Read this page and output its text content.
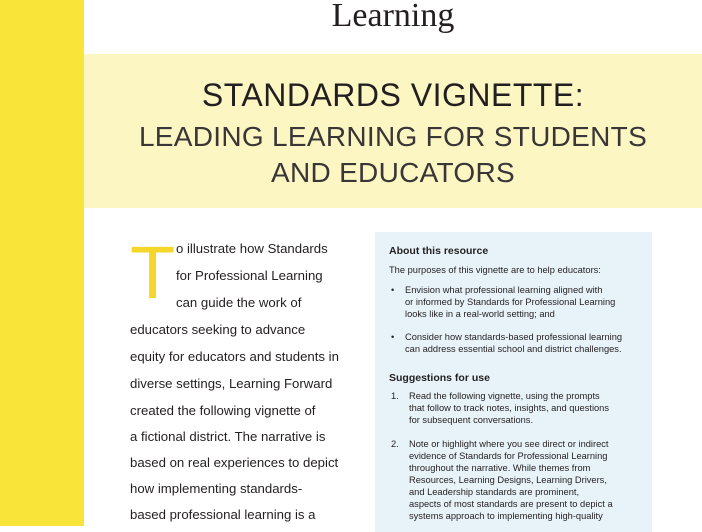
Learning
STANDARDS VIGNETTE:
LEADING LEARNING FOR STUDENTS
AND EDUCATORS
T o illustrate how Standards
for Professional Learning
can guide the work of
educators seeking to advance
equity for educators and students in
diverse settings, Learning Forward
created the following vignette of
a fictional district. The narrative is
based on real experiences to depict
how implementing standards-
based professional learning is a
About this resource
The purposes of this vignette are to help educators:
• Envision what professional learning aligned with
or informed by Standards for Professional Learning
looks like in a real-world setting; and
• Consider how standards-based professional learning
can address essential school and district challenges.
Suggestions for use
1. Read the following vignette, using the prompts
that follow to track notes, insights, and questions
for subsequent conversations.
2. Note or highlight where you see direct or indirect
evidence of Standards for Professional Learning
throughout the narrative. While themes from
Resources, Learning Designs, Learning Drivers,
and Leadership standards are prominent,
aspects of most standards are present to depict a
systems approach to implementing high-quality
